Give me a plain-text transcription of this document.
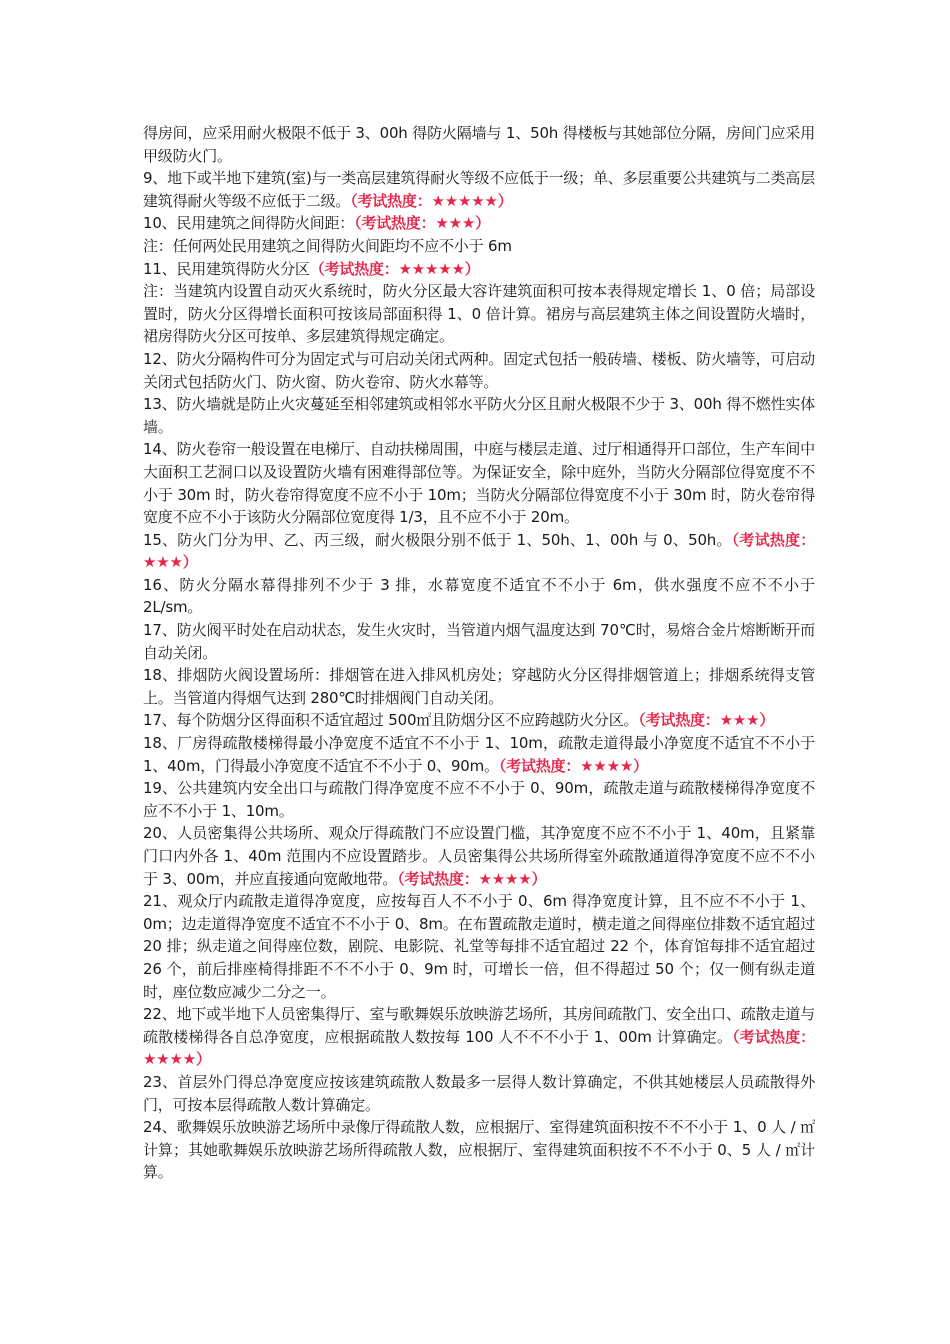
得房间，应采用耐火极限不低于 3、00h 得防火隔墙与 1、50h 得楼板与其她部位分隔，房间门应采用甲级防火门。

9、地下或半地下建筑(室)与一类高层建筑得耐火等级不应低于一级；单、多层重要公共建筑与二类高层建筑得耐火等级不应低于二级。（考试热度：★★★★★）

10、民用建筑之间得防火间距：（考试热度：★★★）

注：任何两处民用建筑之间得防火间距均不应不小于 6m

11、民用建筑得防火分区（考试热度：★★★★★）

注：当建筑内设置自动灭火系统时，防火分区最大容许建筑面积可按本表得规定增长 1、0 倍；局部设置时，防火分区得增长面积可按该局部面积得 1、0 倍计算。裙房与高层建筑主体之间设置防火墙时，裙房得防火分区可按单、多层建筑得规定确定。

12、防火分隔构件可分为固定式与可启动关闭式两种。固定式包括一般砖墙、楼板、防火墙等，可启动关闭式包括防火门、防火窗、防火卷帘、防火水幕等。

13、防火墙就是防止火灾蔓延至相邻建筑或相邻水平防火分区且耐火极限不少于 3、00h 得不燃性实体墙。

14、防火卷帘一般设置在电梯厅、自动扶梯周围，中庭与楼层走道、过厅相通得开口部位，生产车间中大面积工艺洞口以及设置防火墙有困难得部位等。为保证安全，除中庭外，当防火分隔部位得宽度不不小于 30m 时，防火卷帘得宽度不应不小于 10m；当防火分隔部位得宽度不小于 30m 时，防火卷帘得宽度不应不小于该防火分隔部位宽度得 1/3，且不应不小于 20m。

15、防火门分为甲、乙、丙三级，耐火极限分别不低于 1、50h、1、00h 与 0、50h。（考试热度：★★★）

16、防火分隔水幕得排列不少于 3 排，水幕宽度不适宜不不小于 6m，供水强度不应不不小于 2L/sm。

17、防火阀平时处在启动状态，发生火灾时，当管道内烟气温度达到 70℃时，易熔合金片熔断断开而自动关闭。

18、排烟防火阀设置场所：排烟管在进入排风机房处；穿越防火分区得排烟管道上；排烟系统得支管上。当管道内得烟气达到 280℃时排烟阀门自动关闭。

17、每个防烟分区得面积不适宜超过 500㎡且防烟分区不应跨越防火分区。（考试热度：★★★）

18、厂房得疏散楼梯得最小净宽度不适宜不不小于 1、10m，疏散走道得最小净宽度不适宜不不小于 1、40m，门得最小净宽度不适宜不不小于 0、90m。（考试热度：★★★★）

19、公共建筑内安全出口与疏散门得净宽度不应不不小于 0、90m，疏散走道与疏散楼梯得净宽度不应不不小于 1、10m。

20、人员密集得公共场所、观众厅得疏散门不应设置门槛，其净宽度不应不不小于 1、40m，且紧靠门口内外各 1、40m 范围内不应设置踏步。人员密集得公共场所得室外疏散通道得净宽度不应不不小于 3、00m，并应直接通向宽敞地带。（考试热度：★★★★）

21、观众厅内疏散走道得净宽度，应按每百人不不小于 0、6m 得净宽度计算，且不应不不小于 1、0m；边走道得净宽度不适宜不不小于 0、8m。在布置疏散走道时，横走道之间得座位排数不适宜超过 20 排；纵走道之间得座位数，剧院、电影院、礼堂等每排不适宜超过 22 个，体育馆每排不适宜超过 26 个，前后排座椅得排距不不不小于 0、9m 时，可增长一倍，但不得超过 50 个；仅一侧有纵走道时，座位数应减少二分之一。

22、地下或半地下人员密集得厅、室与歌舞娱乐放映游艺场所，其房间疏散门、安全出口、疏散走道与疏散楼梯得各自总净宽度，应根据疏散人数按每 100 人不不不小于 1、00m 计算确定。（考试热度：★★★★）

23、首层外门得总净宽度应按该建筑疏散人数最多一层得人数计算确定，不供其她楼层人员疏散得外门，可按本层得疏散人数计算确定。

24、歌舞娱乐放映游艺场所中录像厅得疏散人数，应根据厅、室得建筑面积按不不不小于 1、0 人 / ㎡计算；其她歌舞娱乐放映游艺场所得疏散人数，应根据厅、室得建筑面积按不不不小于 0、5 人 / ㎡计算。
